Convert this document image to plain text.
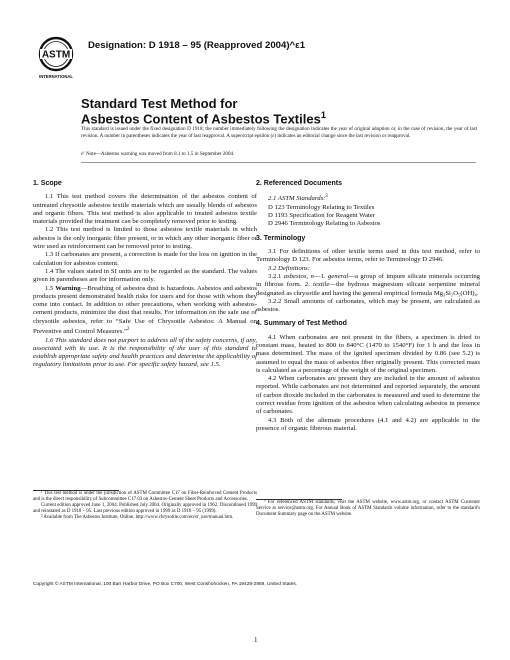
ASTM
INTERNATIONAL
Designation: D 1918 – 95 (Reapproved 2004)^ε1
Standard Test Method for
Asbestos Content of Asbestos Textiles$^1$
This standard is issued under the fixed designation D 1918; the number immediately following the designation indicates the year of original adoption or, in the case of revision, the year of last revision. A number in parentheses indicates the year of last reapproval. A superscript epsilon (ε) indicates an editorial change since the last revision or reapproval.
ε¹ Note—Asbestos warning was moved from 8.1 to 1.5 in September 2004.
1. Scope

1.1 This test method covers the determination of the asbestos content of untreated chrysotile asbestos textile materials which are usually blends of asbestos and organic fibers. This test method is also applicable to treated asbestos textile materials provided the treatment can be completely removed prior to testing.

1.2 This test method is limited to those asbestos textile materials in which asbestos is the only inorganic fiber present, or in which any other inorganic fiber or wire used as reinforcement can be removed prior to testing.

1.3 If carbonates are present, a correction is made for the loss on ignition in the calculation for asbestos content.

1.4 The values stated in SI units are to be regarded as the standard. The values given in parentheses are for information only.

1.5 Warning—Breathing of asbestos dust is hazardous. Asbestos and asbestos products present demonstrated health risks for users and for those with whom they come into contact. In addition to other precautions, when working with asbestos-cement products, minimize the dust that results. For information on the safe use of chrysotile asbestos, refer to “Safe Use of Chrysotile Asbestos: A Manual on Preventive and Control Measures.”$^2$

1.6 This standard does not purport to address all of the safety concerns, if any, associated with its use. It is the responsibility of the user of this standard to establish appropriate safety and health practices and determine the applicability of regulatory limitations prior to use. For specific safety hazard, see 1.5.

2. Referenced Documents

2.1 ASTM Standards:$^3$

D 123 Terminology Relating to Textiles

D 1193 Specification for Reagent Water

D 2946 Terminology Relating to Asbestos

3. Terminology

3.1 For definitions of other textile terms used in this test method, refer to Terminology D 123. For asbestos terms, refer to Terminology D 2946.

3.2 Definitions:

3.2.1 asbestos, n—1. general—a group of impure silicate minerals occurring in fibrous form. 2. textile—the hydrous magnesium silicate serpentine mineral designated as chrysotile and having the general empirical formula Mg₃Si₂O₅(OH)₄.

3.2.2 Small amounts of carbonates, which may be present, are calculated as asbestos.

4. Summary of Test Method

4.1 When carbonates are not present in the fibers, a specimen is dried to constant mass, heated to 800 to 840°C (1470 to 1540°F) for 1 h and the loss in mass determined. The mass of the ignited specimen divided by 0.86 (see 5.2) is assumed to equal the mass of asbestos fiber originally present. This corrected mass is calculated as a percentage of the weight of the original specimen.

4.2 When carbonates are present they are included in the amount of asbestos reported. While carbonates are not determined and reported separately, the amount of carbon dioxide included in the carbonates is measured and used to determine the correct residue from ignition of the asbestos when calculating asbestos in presence of carbonates.

4.3 Both of the alternate procedures (4.1 and 4.2) are applicable in the presence of organic fiberous material.

¹ This test method is under the jurisdiction of ASTM Committee C17 on Fiber-Reinforced Cement Products and is the direct responsibility of Subcommittee C17.03 on Asbestos-Cement Sheet Products and Accessories.

Current edition approved June 1, 2004. Published July 2004. Originally approved in 1962. Discontinued 1999 and reinstated as D 1918 – 95. Last previous edition approved in 1999 as D 1918 – 95 (1999).

² Available from The Asbestos Institute, Online, http://www.chrysotile.com/en/sr_use/manual.htm.

³ For referenced ASTM standards, visit the ASTM website, www.astm.org, or contact ASTM Customer Service at service@astm.org. For Annual Book of ASTM Standards volume information, refer to the standard's Document Summary page on the ASTM website.

Copyright © ASTM International, 100 Barr Harbor Drive, PO Box C700, West Conshohocken, PA 19428-2959, United States.
1
